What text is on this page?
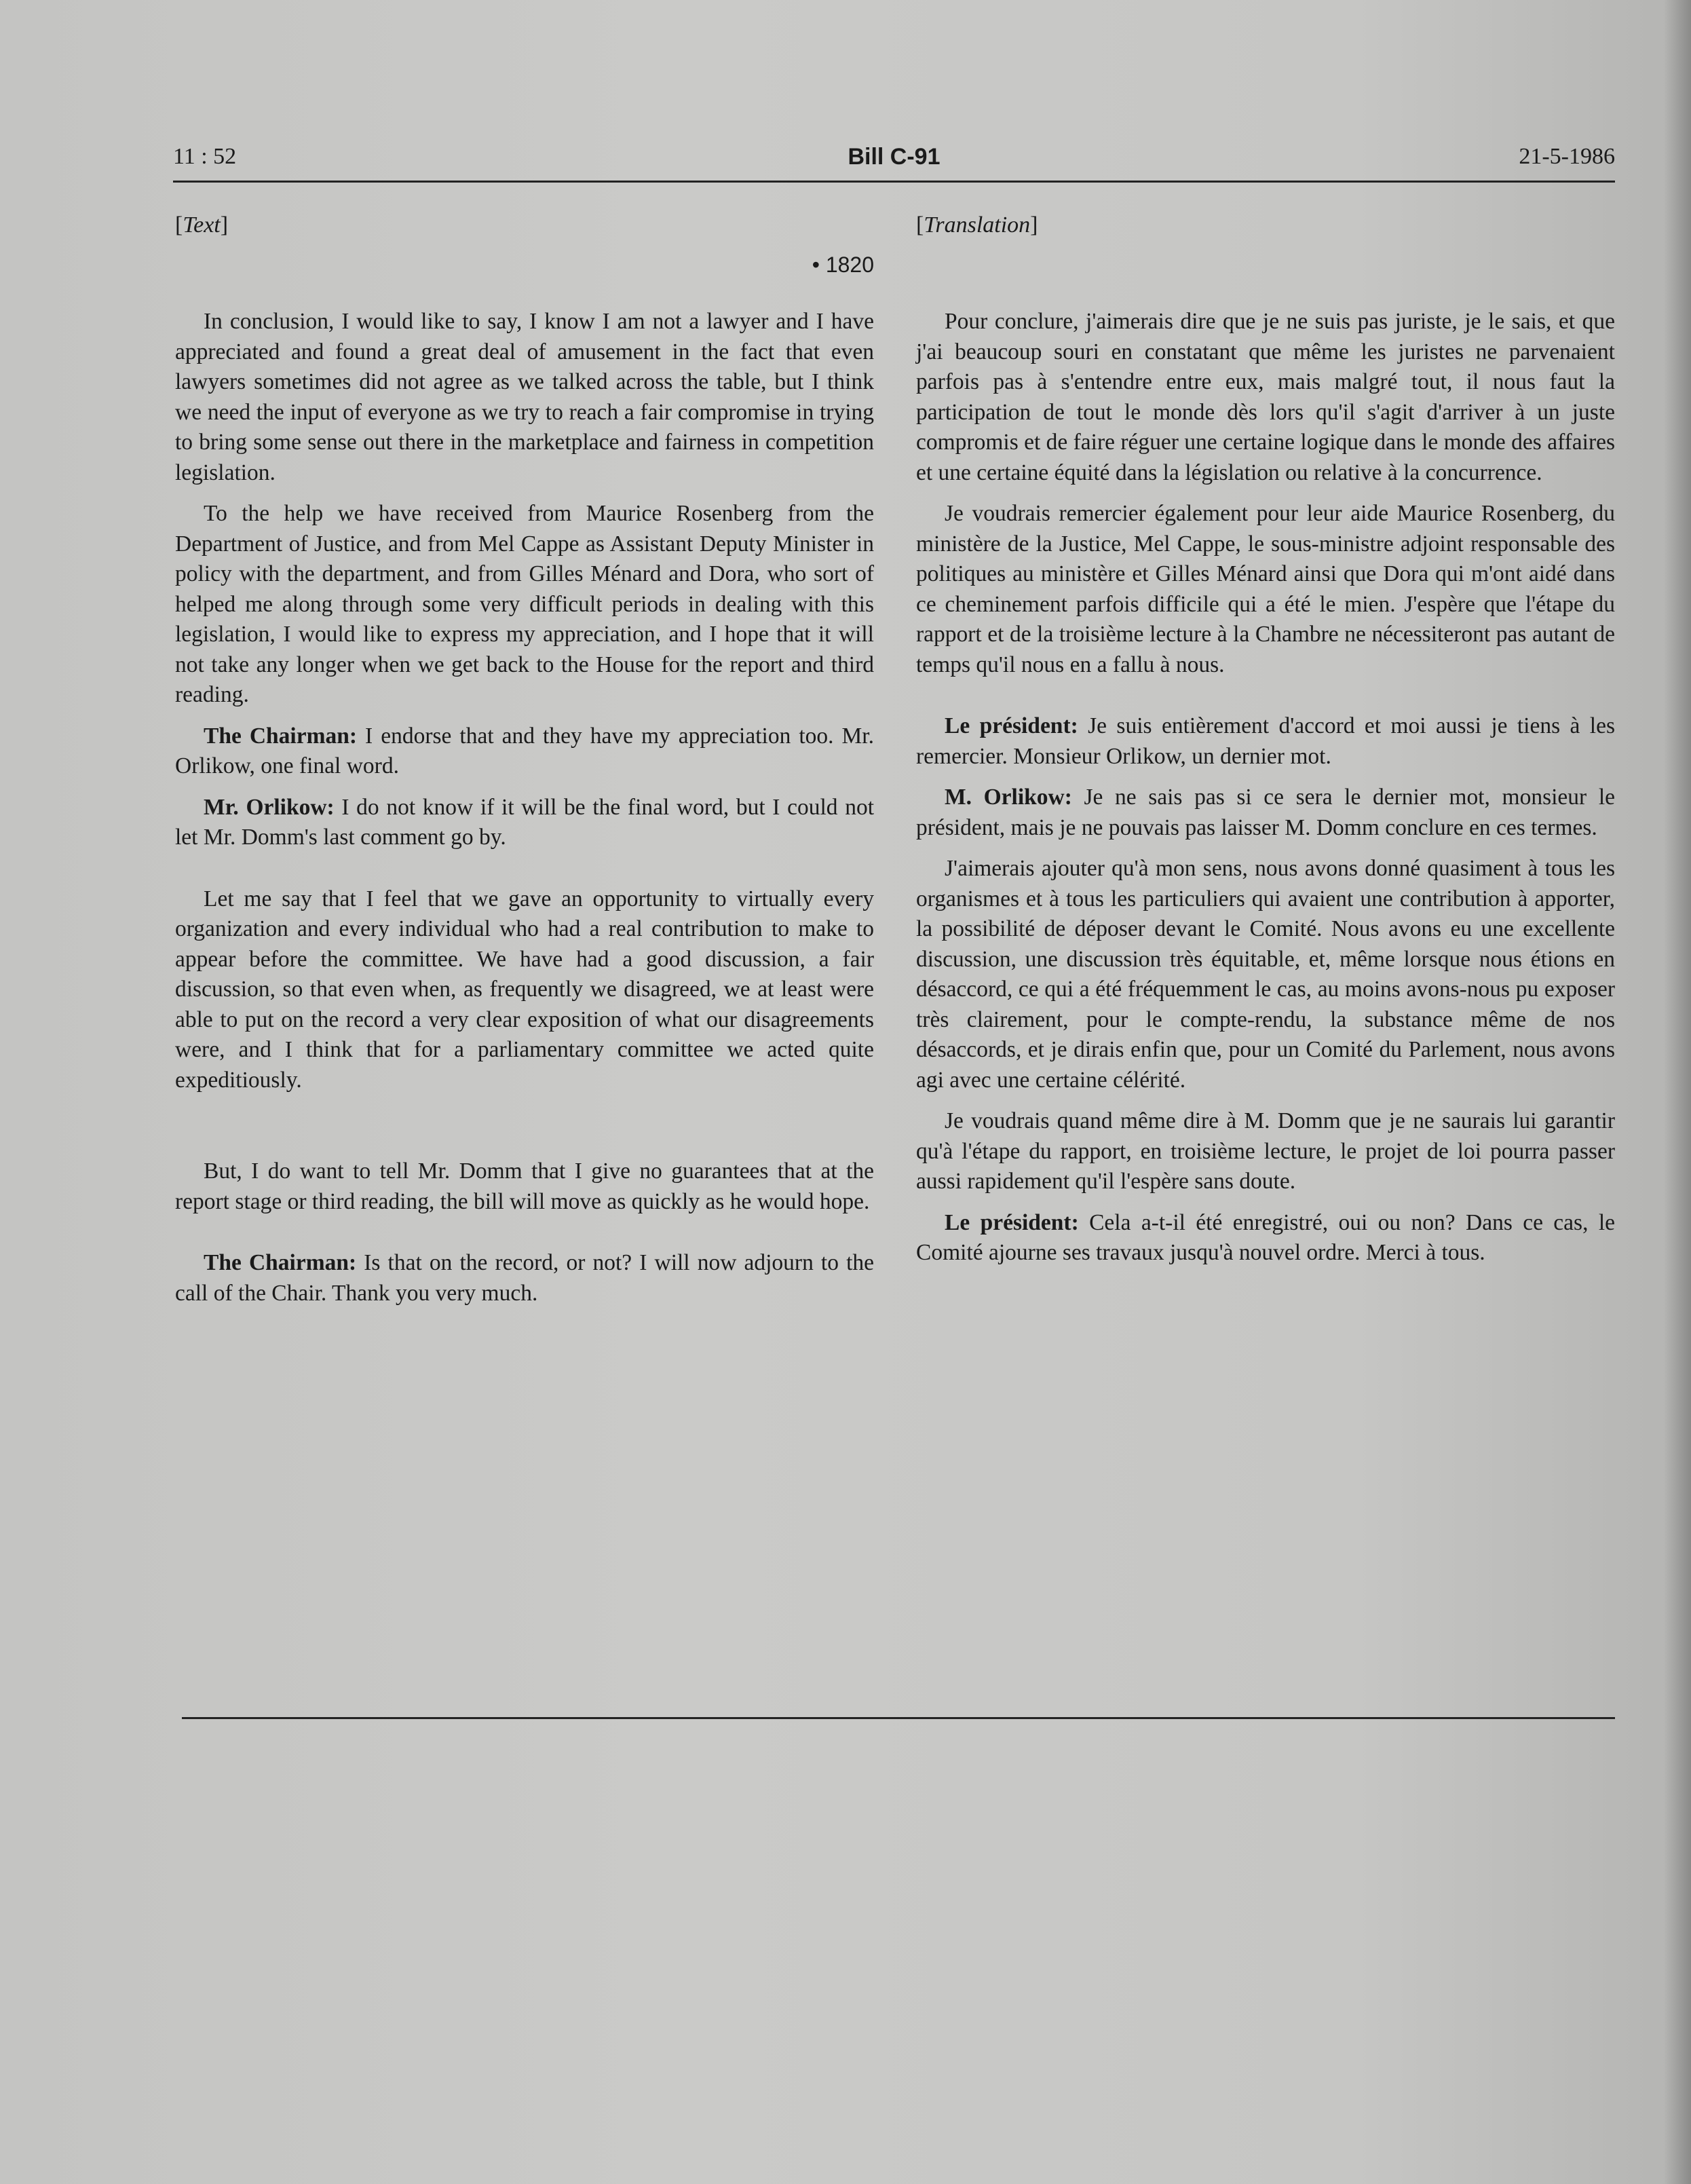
11 : 52	Bill C-91	21-5-1986
[Text]
• 1820

In conclusion, I would like to say, I know I am not a lawyer and I have appreciated and found a great deal of amusement in the fact that even lawyers sometimes did not agree as we talked across the table, but I think we need the input of everyone as we try to reach a fair compromise in trying to bring some sense out there in the marketplace and fairness in competition legislation.

To the help we have received from Maurice Rosenberg from the Department of Justice, and from Mel Cappe as Assistant Deputy Minister in policy with the department, and from Gilles Ménard and Dora, who sort of helped me along through some very difficult periods in dealing with this legislation, I would like to express my appreciation, and I hope that it will not take any longer when we get back to the House for the report and third reading.

The Chairman: I endorse that and they have my appreciation too. Mr. Orlikow, one final word.

Mr. Orlikow: I do not know if it will be the final word, but I could not let Mr. Domm's last comment go by.

Let me say that I feel that we gave an opportunity to virtually every organization and every individual who had a real contribution to make to appear before the committee. We have had a good discussion, a fair discussion, so that even when, as frequently we disagreed, we at least were able to put on the record a very clear exposition of what our disagreements were, and I think that for a parliamentary committee we acted quite expeditiously.

But, I do want to tell Mr. Domm that I give no guarantees that at the report stage or third reading, the bill will move as quickly as he would hope.

The Chairman: Is that on the record, or not? I will now adjourn to the call of the Chair. Thank you very much.

[Translation]

Pour conclure, j'aimerais dire que je ne suis pas juriste, je le sais, et que j'ai beaucoup souri en constatant que même les juristes ne parvenaient parfois pas à s'entendre entre eux, mais malgré tout, il nous faut la participation de tout le monde dès lors qu'il s'agit d'arriver à un juste compromis et de faire réguer une certaine logique dans le monde des affaires et une certaine équité dans la législation ou relative à la concurrence.

Je voudrais remercier également pour leur aide Maurice Rosenberg, du ministère de la Justice, Mel Cappe, le sous-ministre adjoint responsable des politiques au ministère et Gilles Ménard ainsi que Dora qui m'ont aidé dans ce cheminement parfois difficile qui a été le mien. J'espère que l'étape du rapport et de la troisième lecture à la Chambre ne nécessiteront pas autant de temps qu'il nous en a fallu à nous.

Le président: Je suis entièrement d'accord et moi aussi je tiens à les remercier. Monsieur Orlikow, un dernier mot.

M. Orlikow: Je ne sais pas si ce sera le dernier mot, monsieur le président, mais je ne pouvais pas laisser M. Domm conclure en ces termes.

J'aimerais ajouter qu'à mon sens, nous avons donné quasiment à tous les organismes et à tous les particuliers qui avaient une contribution à apporter, la possibilité de déposer devant le Comité. Nous avons eu une excellente discussion, une discussion très équitable, et, même lorsque nous étions en désaccord, ce qui a été fréquemment le cas, au moins avons-nous pu exposer très clairement, pour le compte-rendu, la substance même de nos désaccords, et je dirais enfin que, pour un Comité du Parlement, nous avons agi avec une certaine célérité.

Je voudrais quand même dire à M. Domm que je ne saurais lui garantir qu'à l'étape du rapport, en troisième lecture, le projet de loi pourra passer aussi rapidement qu'il l'espère sans doute.

Le président: Cela a-t-il été enregistré, oui ou non? Dans ce cas, le Comité ajourne ses travaux jusqu'à nouvel ordre. Merci à tous.
